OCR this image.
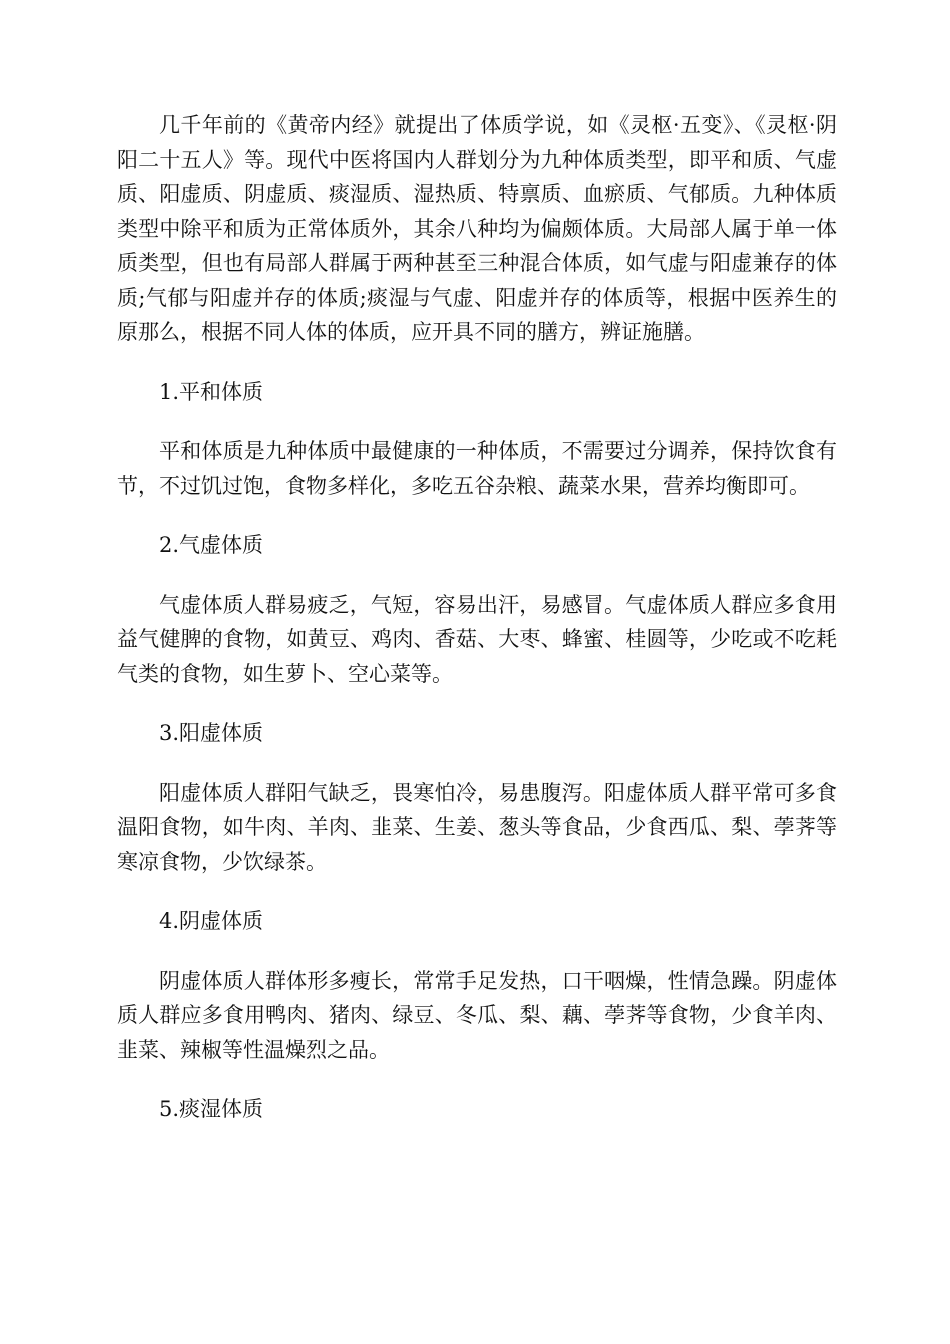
几千年前的《黄帝内经》就提出了体质学说，如《灵枢·五变》、《灵枢·阴阳二十五人》等。现代中医将国内人群划分为九种体质类型，即平和质、气虚质、阳虚质、阴虚质、痰湿质、湿热质、特禀质、血瘀质、气郁质。九种体质类型中除平和质为正常体质外，其余八种均为偏颇体质。大局部人属于单一体质类型，但也有局部人群属于两种甚至三种混合体质，如气虚与阳虚兼存的体质;气郁与阳虚并存的体质;痰湿与气虚、阳虚并存的体质等，根据中医养生的原那么，根据不同人体的体质，应开具不同的膳方，辨证施膳。

1.平和体质

平和体质是九种体质中最健康的一种体质，不需要过分调养，保持饮食有节，不过饥过饱，食物多样化，多吃五谷杂粮、蔬菜水果，营养均衡即可。

2.气虚体质

气虚体质人群易疲乏，气短，容易出汗，易感冒。气虚体质人群应多食用益气健脾的食物，如黄豆、鸡肉、香菇、大枣、蜂蜜、桂圆等，少吃或不吃耗气类的食物，如生萝卜、空心菜等。

3.阳虚体质

阳虚体质人群阳气缺乏，畏寒怕冷，易患腹泻。阳虚体质人群平常可多食温阳食物，如牛肉、羊肉、韭菜、生姜、葱头等食品，少食西瓜、梨、荸荠等寒凉食物，少饮绿茶。

4.阴虚体质

阴虚体质人群体形多瘦长，常常手足发热，口干咽燥，性情急躁。阴虚体质人群应多食用鸭肉、猪肉、绿豆、冬瓜、梨、藕、荸荠等食物，少食羊肉、韭菜、辣椒等性温燥烈之品。

5.痰湿体质
